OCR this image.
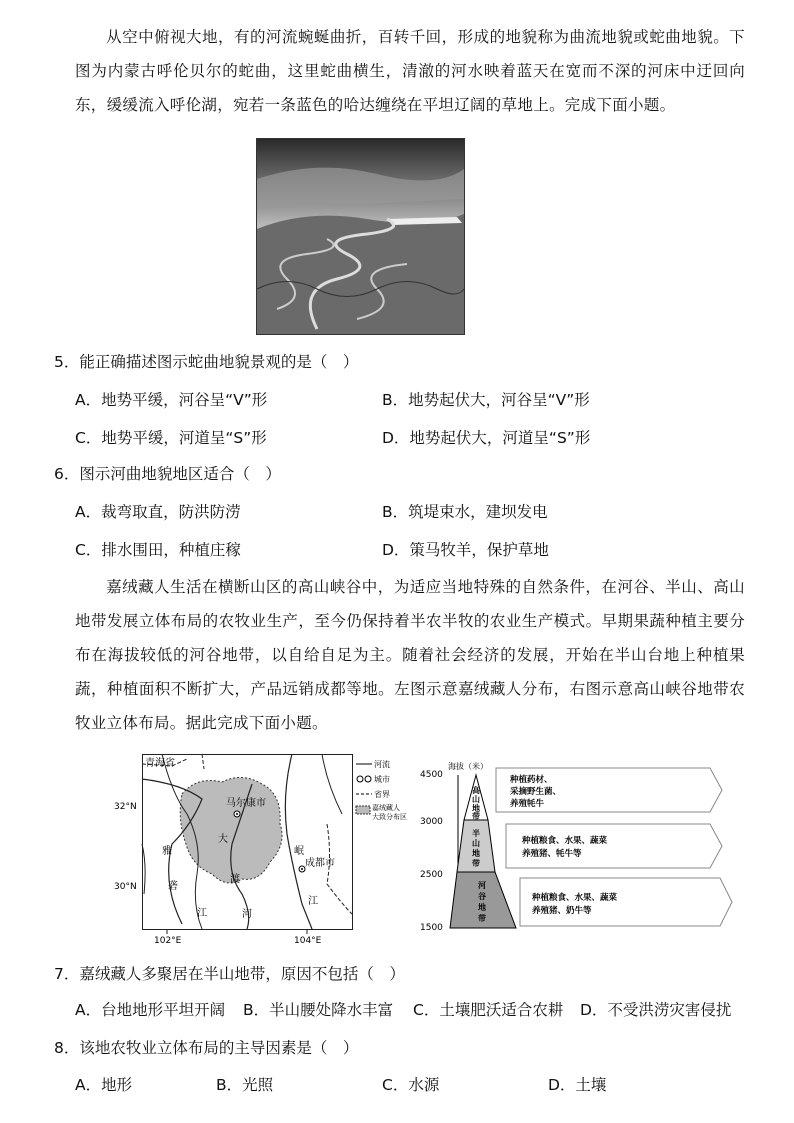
从空中俯视大地，有的河流蜿蜒曲折，百转千回，形成的地貌称为曲流地貌或蛇曲地貌。下图为内蒙古呼伦贝尔的蛇曲，这里蛇曲横生，清澈的河水映着蓝天在宽而不深的河床中迂回向东，缓缓流入呼伦湖，宛若一条蓝色的哈达缠绕在平坦辽阔的草地上。完成下面小题。
5．能正确描述图示蛇曲地貌景观的是（　）
A．地势平缓，河谷呈“V”形	B．地势起伏大，河谷呈“V”形
C．地势平缓，河道呈“S”形	D．地势起伏大，河道呈“S”形
6．图示河曲地貌地区适合（　）
A．裁弯取直，防洪防涝	B．筑堤束水，建坝发电
C．排水围田，种植庄稼	D．策马牧羊，保护草地
嘉绒藏人生活在横断山区的高山峡谷中，为适应当地特殊的自然条件，在河谷、半山、高山地带发展立体布局的农牧业生产，至今仍保持着半农半牧的农业生产模式。早期果蔬种植主要分布在海拔较低的河谷地带，以自给自足为主。随着社会经济的发展，开始在半山台地上种植果蔬，种植面积不断扩大，产品远销成都等地。左图示意嘉绒藏人分布，右图示意高山峡谷地带农牧业立体布局。据此完成下面小题。
青海省
32°N
30°N
102°E	104°E
马尔康市
成都市
雅
砻
江
大
渡
河
岷
江
河流
城市
省界
嘉绒藏人
大致分布区
海拔（米）
4500
3000
2500
1500
高
山
地
带
半
山
地
带
河
谷
地
带
种植药材、
采摘野生菌、
养殖牦牛
种植粮食、水果、蔬菜
养殖猪、牦牛等
种植粮食、水果、蔬菜
养殖猪、奶牛等
7．嘉绒藏人多聚居在半山地带，原因不包括（　）
A．台地地形平坦开阔 B．半山腰处降水丰富 C．土壤肥沃适合农耕 D．不受洪涝灾害侵扰
8．该地农牧业立体布局的主导因素是（　）
A．地形	B．光照	C．水源	D．土壤
